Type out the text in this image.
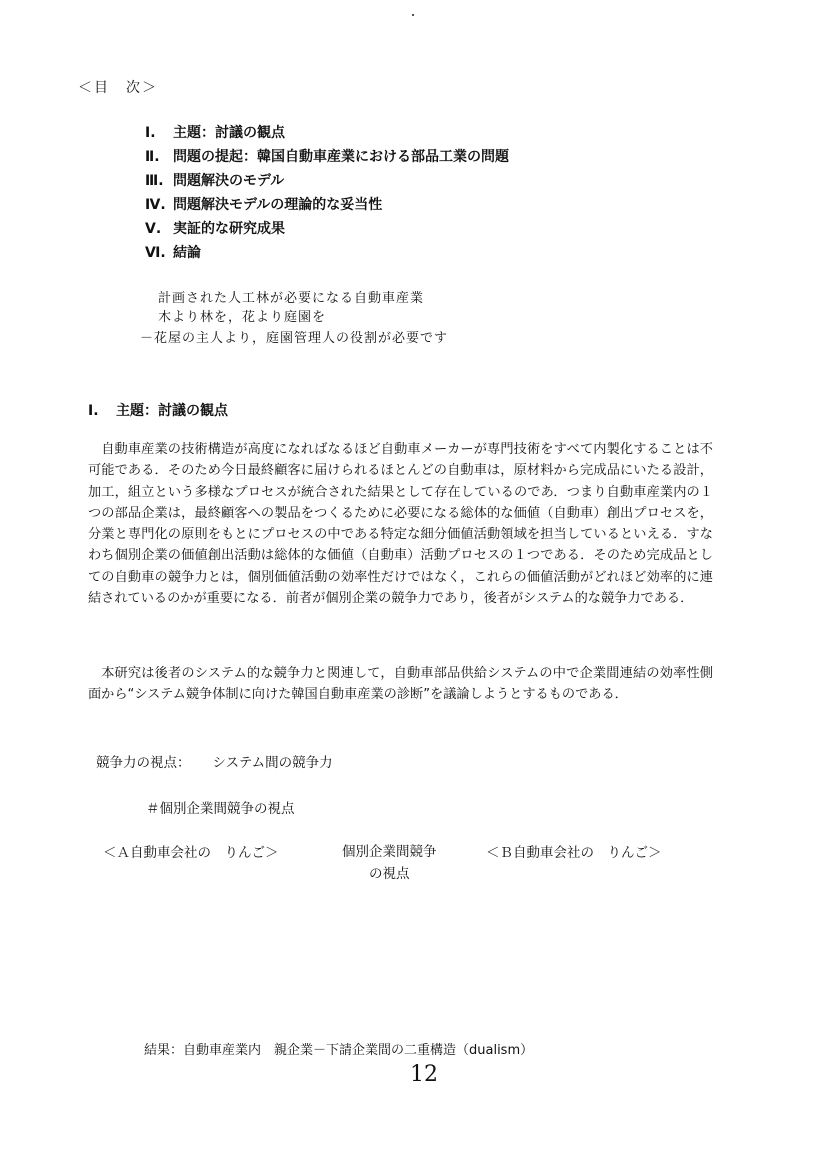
＜目　次＞
Ⅰ. 主題：討議の観点
Ⅱ. 問題の提起：韓国自動車産業における部品工業の問題
Ⅲ. 問題解決のモデル
Ⅳ. 問題解決モデルの理論的な妥当性
Ⅴ. 実証的な研究成果
Ⅵ. 結論
計画された人工林が必要になる自動車産業
木より林を，花より庭園を
－花屋の主人より，庭園管理人の役割が必要です
Ⅰ. 主題：討議の観点

自動車産業の技術構造が高度になればなるほど自動車メーカーが専門技術をすべて内製化することは不可能である．そのため今日最終顧客に届けられるほとんどの自動車は，原材料から完成品にいたる設計，加工，組立という多様なプロセスが統合された結果として存在しているのであ．つまり自動車産業内の１つの部品企業は，最終顧客への製品をつくるために必要になる総体的な価値（自動車）創出プロセスを，分業と専門化の原則をもとにプロセスの中である特定な細分価値活動領域を担当しているといえる．すなわち個別企業の価値創出活動は総体的な価値（自動車）活動プロセスの１つである．そのため完成品としての自動車の競争力とは，個別価値活動の効率性だけではなく，これらの価値活動がどれほど効率的に連結されているのかが重要になる．前者が個別企業の競争力であり，後者がシステム的な競争力である．

本研究は後者のシステム的な競争力と関連して，自動車部品供給システムの中で企業間連結の効率性側面から“システム競争体制に向けた韓国自動車産業の診断”を議論しようとするものである．

競争力の視点： システム間の競争力
＃個別企業間競争の視点
＜Ａ自動車会社の　りんご＞	個別企業間競争
の視点
＜Ｂ自動車会社の　りんご＞
結果：自動車産業内　親企業－下請企業間の二重構造（dualism）
12
